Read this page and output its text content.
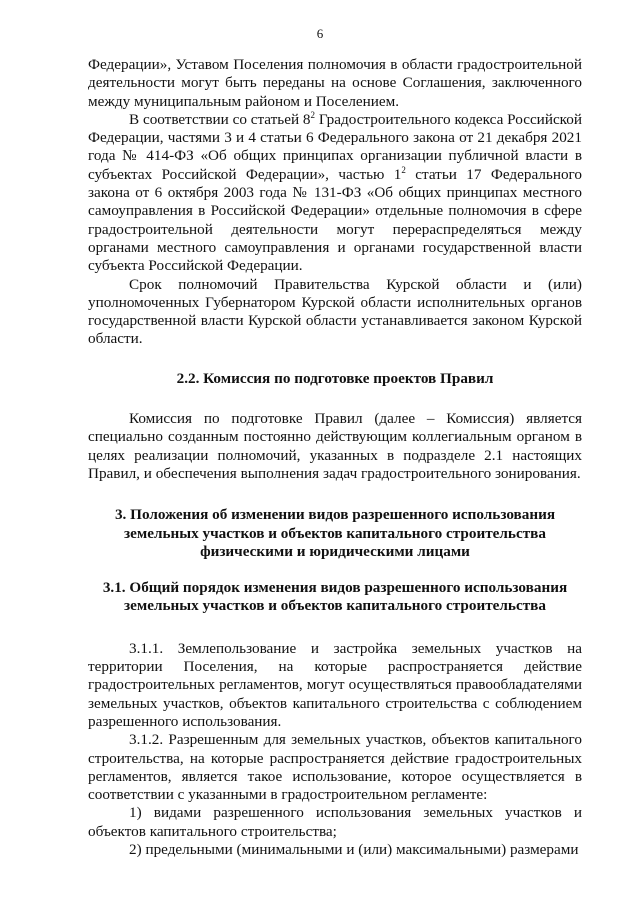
6

Федерации», Уставом Поселения полномочия в области градостроительной деятельности могут быть переданы на основе Соглашения, заключенного между муниципальным районом и Поселением.

В соответствии со статьей $8^2$ Градостроительного кодекса Российской Федерации, частями 3 и 4 статьи 6 Федерального закона от 21 декабря 2021 года № 414-ФЗ «Об общих принципах организации публичной власти в субъектах Российской Федерации», частью $1^2$ статьи 17 Федерального закона от 6 октября 2003 года № 131-ФЗ «Об общих принципах местного самоуправления в Российской Федерации» отдельные полномочия в сфере градостроительной деятельности могут перераспределяться между органами местного самоуправления и органами государственной власти субъекта Российской Федерации.

Срок полномочий Правительства Курской области и (или) уполномоченных Губернатором Курской области исполнительных органов государственной власти Курской области устанавливается законом Курской области.

2.2. Комиссия по подготовке проектов Правил

Комиссия по подготовке Правил (далее – Комиссия) является специально созданным постоянно действующим коллегиальным органом в целях реализации полномочий, указанных в подразделе 2.1 настоящих Правил, и обеспечения выполнения задач градостроительного зонирования.

3. Положения об изменении видов разрешенного использования
земельных участков и объектов капитального строительства
физическими и юридическими лицами

3.1. Общий порядок изменения видов разрешенного использования
земельных участков и объектов капитального строительства

3.1.1. Землепользование и застройка земельных участков на территории Поселения, на которые распространяется действие градостроительных регламентов, могут осуществляться правообладателями земельных участков, объектов капитального строительства с соблюдением разрешенного использования.

3.1.2. Разрешенным для земельных участков, объектов капитального строительства, на которые распространяется действие градостроительных регламентов, является такое использование, которое осуществляется в соответствии с указанными в градостроительном регламенте:

1) видами разрешенного использования земельных участков и объектов капитального строительства;

2) предельными (минимальными и (или) максимальными) размерами
